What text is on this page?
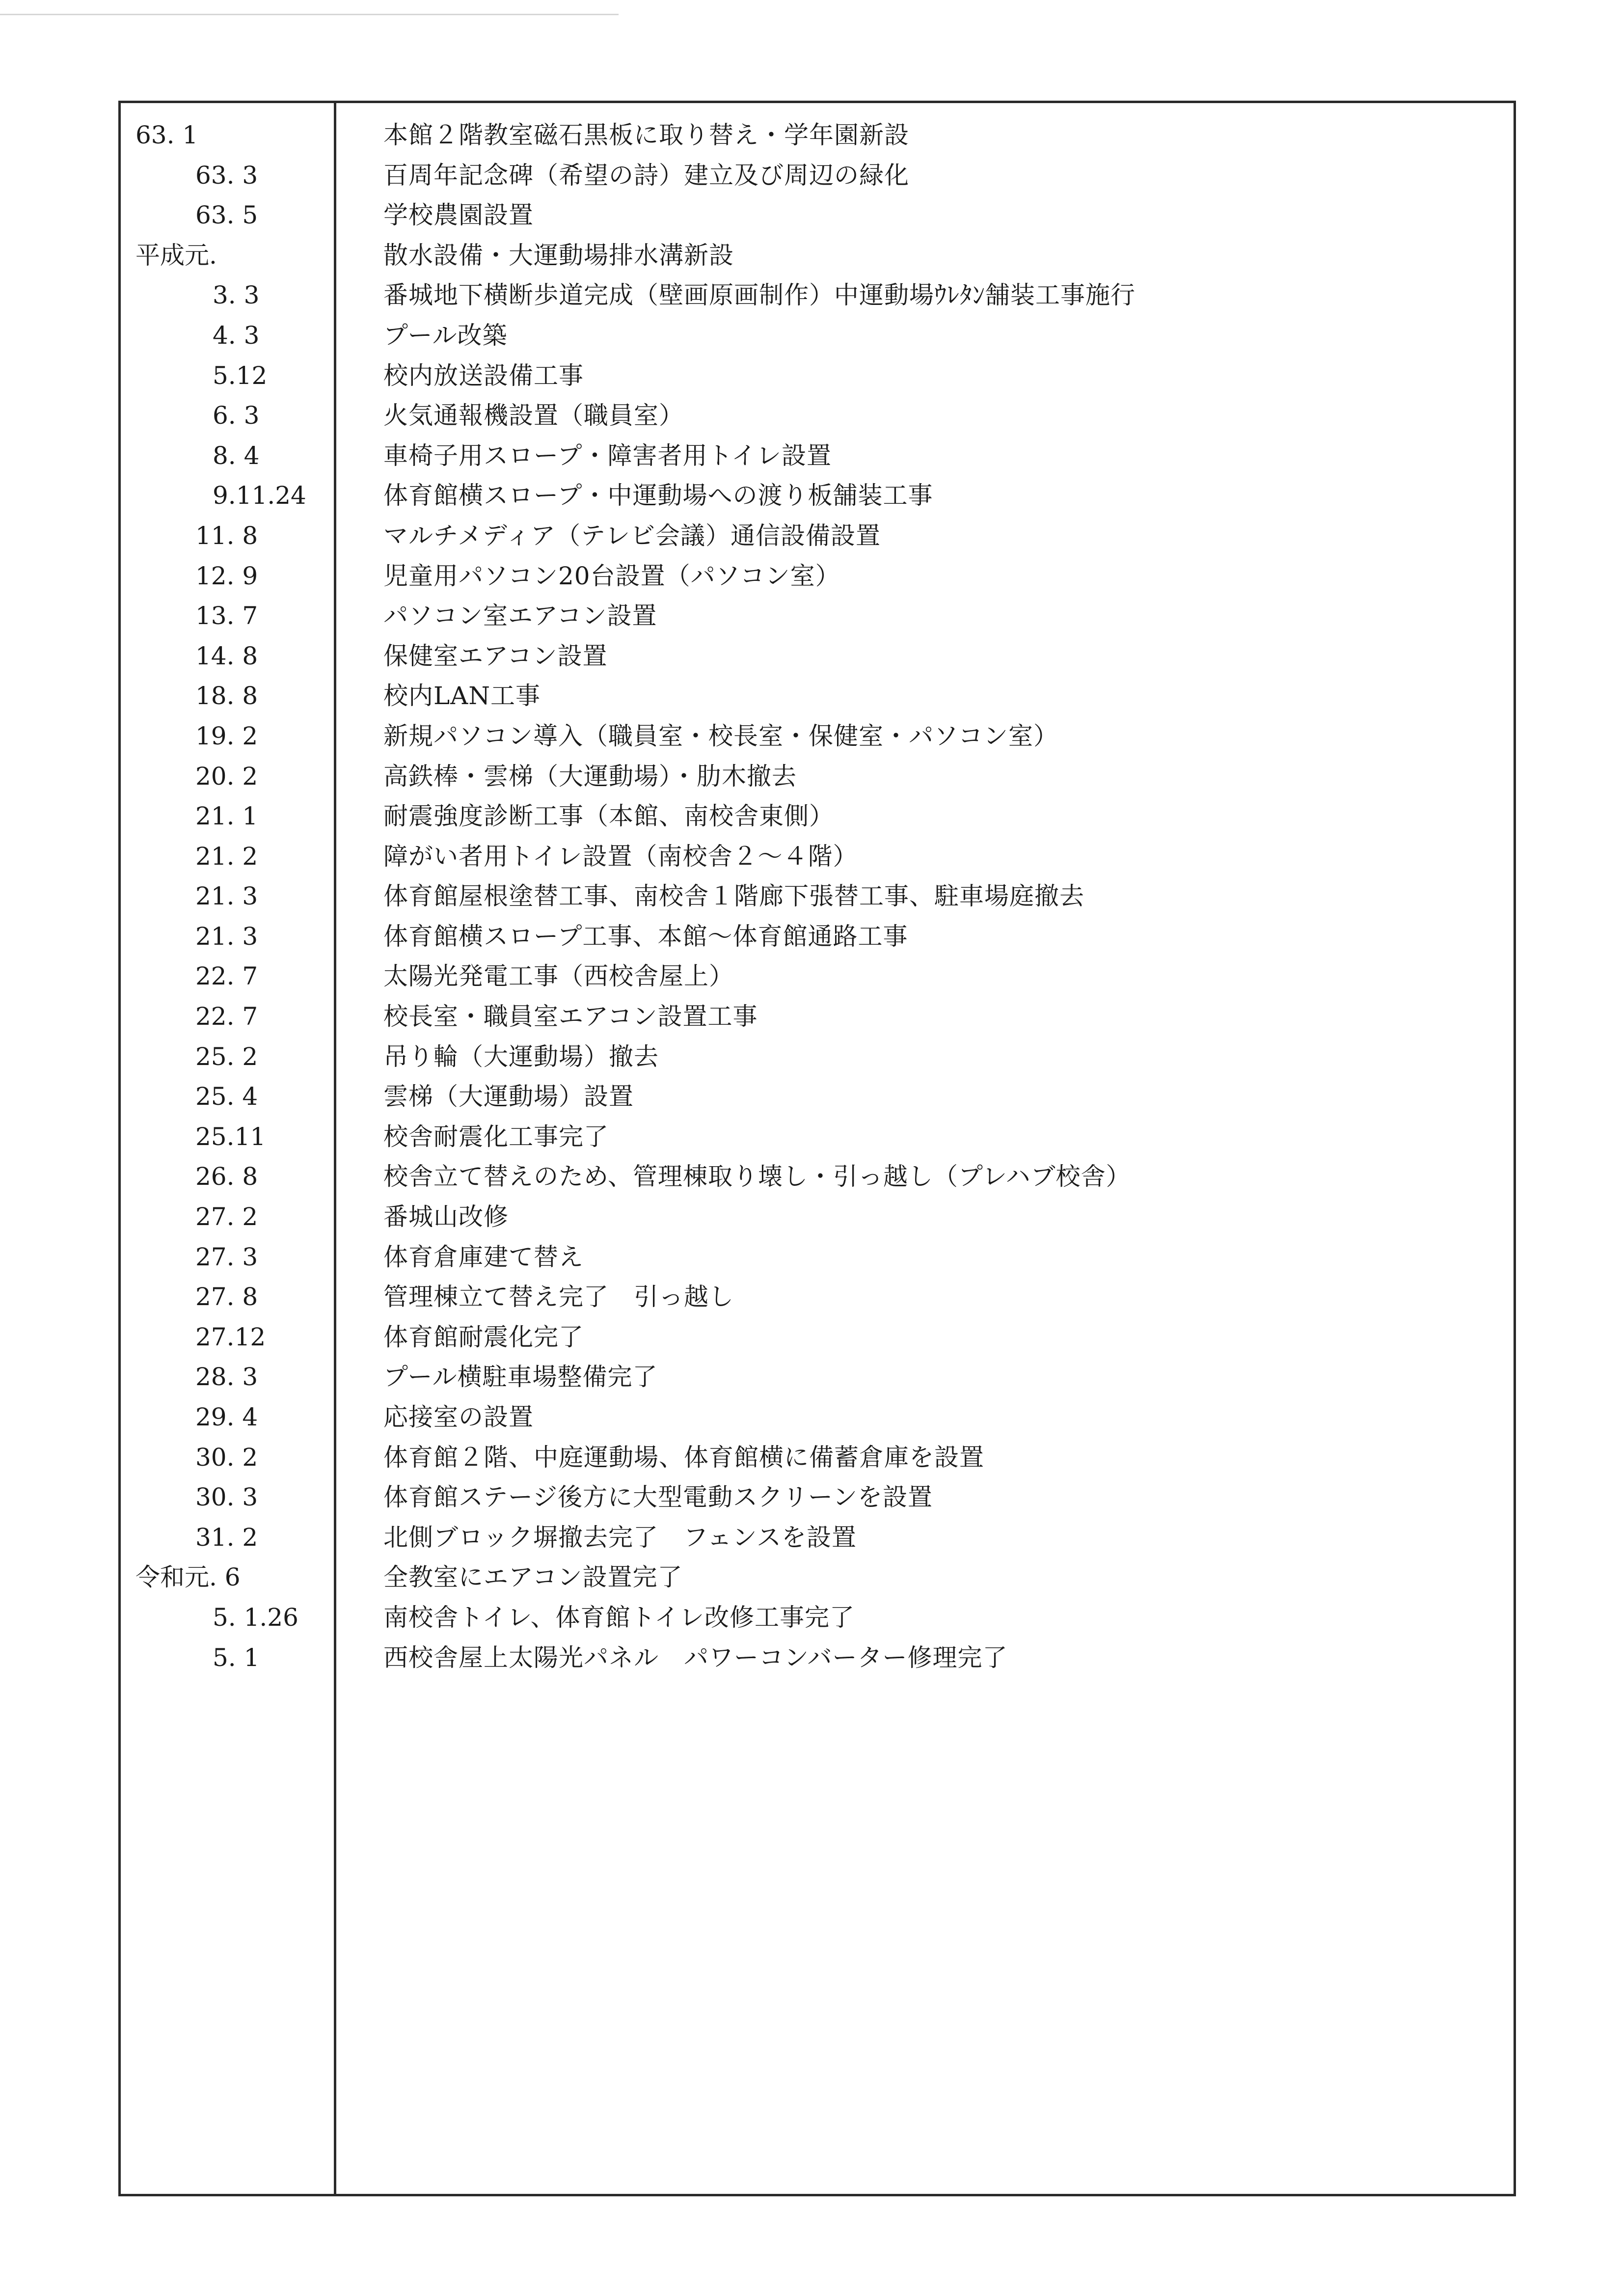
63. 1	本館２階教室磁石黒板に取り替え・学年園新設
63. 3	百周年記念碑（希望の詩）建立及び周辺の緑化
63. 5	学校農園設置
平成元.	散水設備・大運動場排水溝新設
3. 3	番城地下横断歩道完成（壁画原画制作）中運動場ｳﾚﾀﾝ舗装工事施行
4. 3	プール改築
5.12	校内放送設備工事
6. 3	火気通報機設置（職員室）
8. 4	車椅子用スロープ・障害者用トイレ設置
9.11.24	体育館横スロープ・中運動場への渡り板舗装工事
11. 8	マルチメディア（テレビ会議）通信設備設置
12. 9	児童用パソコン20台設置（パソコン室）
13. 7	パソコン室エアコン設置
14. 8	保健室エアコン設置
18. 8	校内LAN工事
19. 2	新規パソコン導入（職員室・校長室・保健室・パソコン室）
20. 2	高鉄棒・雲梯（大運動場）・肋木撤去
21. 1	耐震強度診断工事（本館、南校舎東側）
21. 2	障がい者用トイレ設置（南校舎２～４階）
21. 3	体育館屋根塗替工事、南校舎１階廊下張替工事、駐車場庭撤去
21. 3	体育館横スロープ工事、本館～体育館通路工事
22. 7	太陽光発電工事（西校舎屋上）
22. 7	校長室・職員室エアコン設置工事
25. 2	吊り輪（大運動場）撤去
25. 4	雲梯（大運動場）設置
25.11	校舎耐震化工事完了
26. 8	校舎立て替えのため、管理棟取り壊し・引っ越し（プレハブ校舎）
27. 2	番城山改修
27. 3	体育倉庫建て替え
27. 8	管理棟立て替え完了　引っ越し
27.12	体育館耐震化完了
28. 3	プール横駐車場整備完了
29. 4	応接室の設置
30. 2	体育館２階、中庭運動場、体育館横に備蓄倉庫を設置
30. 3	体育館ステージ後方に大型電動スクリーンを設置
31. 2	北側ブロック塀撤去完了　フェンスを設置
令和元. 6	全教室にエアコン設置完了
5. 1.26	南校舎トイレ、体育館トイレ改修工事完了
5. 1	西校舎屋上太陽光パネル　パワーコンバーター修理完了
